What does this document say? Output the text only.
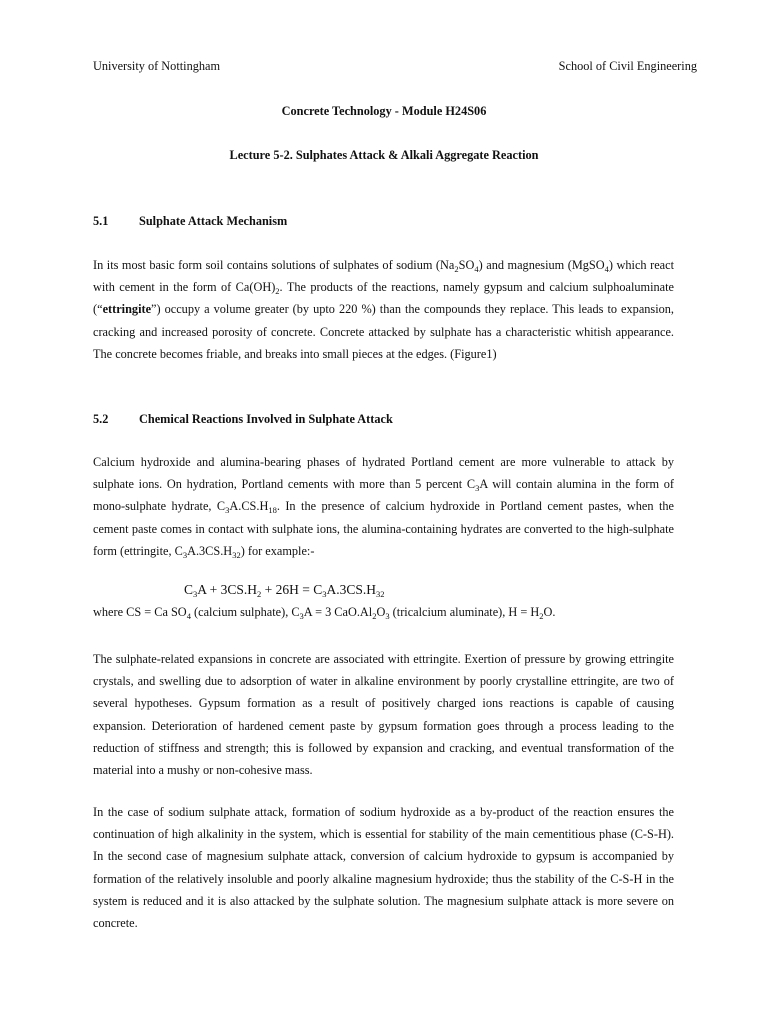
University of Nottingham	School of Civil Engineering
Concrete Technology - Module H24S06
Lecture 5-2. Sulphates Attack & Alkali Aggregate Reaction
5.1 Sulphate Attack Mechanism
In its most basic form soil contains solutions of sulphates of sodium $(Na_2SO_4)$ and magnesium (MgSO$_4$) which react with cement in the form of $Ca(OH)_2$. The products of the reactions, namely gypsum and calcium sulphoaluminate (“ettringite”) occupy a volume greater (by upto 220 %) than the compounds they replace. This leads to expansion, cracking and increased porosity of concrete. Concrete attacked by sulphate has a characteristic whitish appearance. The concrete becomes friable, and breaks into small pieces at the edges. (Figure1)
5.2 Chemical Reactions Involved in Sulphate Attack
Calcium hydroxide and alumina-bearing phases of hydrated Portland cement are more vulnerable to attack by sulphate ions. On hydration, Portland cements with more than 5 percent $C_3A$ will contain alumina in the form of mono-sulphate hydrate, $C_3A.CS.H_{18}$. In the presence of calcium hydroxide in Portland cement pastes, when the cement paste comes in contact with sulphate ions, the alumina-containing hydrates are converted to the high-sulphate form (ettringite, $C_3A.3CS.H_{32}$) for example:-
$C_3A + 3CS.H_2 + 26H = C_3A.3CS.H_{32}$
where CS = Ca $SO_4$ (calcium sulphate), $C_3A = 3$ $CaO.Al_2O_3$ (tricalcium aluminate), $H = H_2O$.
The sulphate-related expansions in concrete are associated with ettringite. Exertion of pressure by growing ettringite crystals, and swelling due to adsorption of water in alkaline environment by poorly crystalline ettringite, are two of several hypotheses. Gypsum formation as a result of positively charged ions reactions is capable of causing expansion. Deterioration of hardened cement paste by gypsum formation goes through a process leading to the reduction of stiffness and strength; this is followed by expansion and cracking, and eventual transformation of the material into a mushy or non-cohesive mass.
In the case of sodium sulphate attack, formation of sodium hydroxide as a by-product of the reaction ensures the continuation of high alkalinity in the system, which is essential for stability of the main cementitious phase (C-S-H). In the second case of magnesium sulphate attack, conversion of calcium hydroxide to gypsum is accompanied by formation of the relatively insoluble and poorly alkaline magnesium hydroxide; thus the stability of the C-S-H in the system is reduced and it is also attacked by the sulphate solution. The magnesium sulphate attack is more severe on concrete.
